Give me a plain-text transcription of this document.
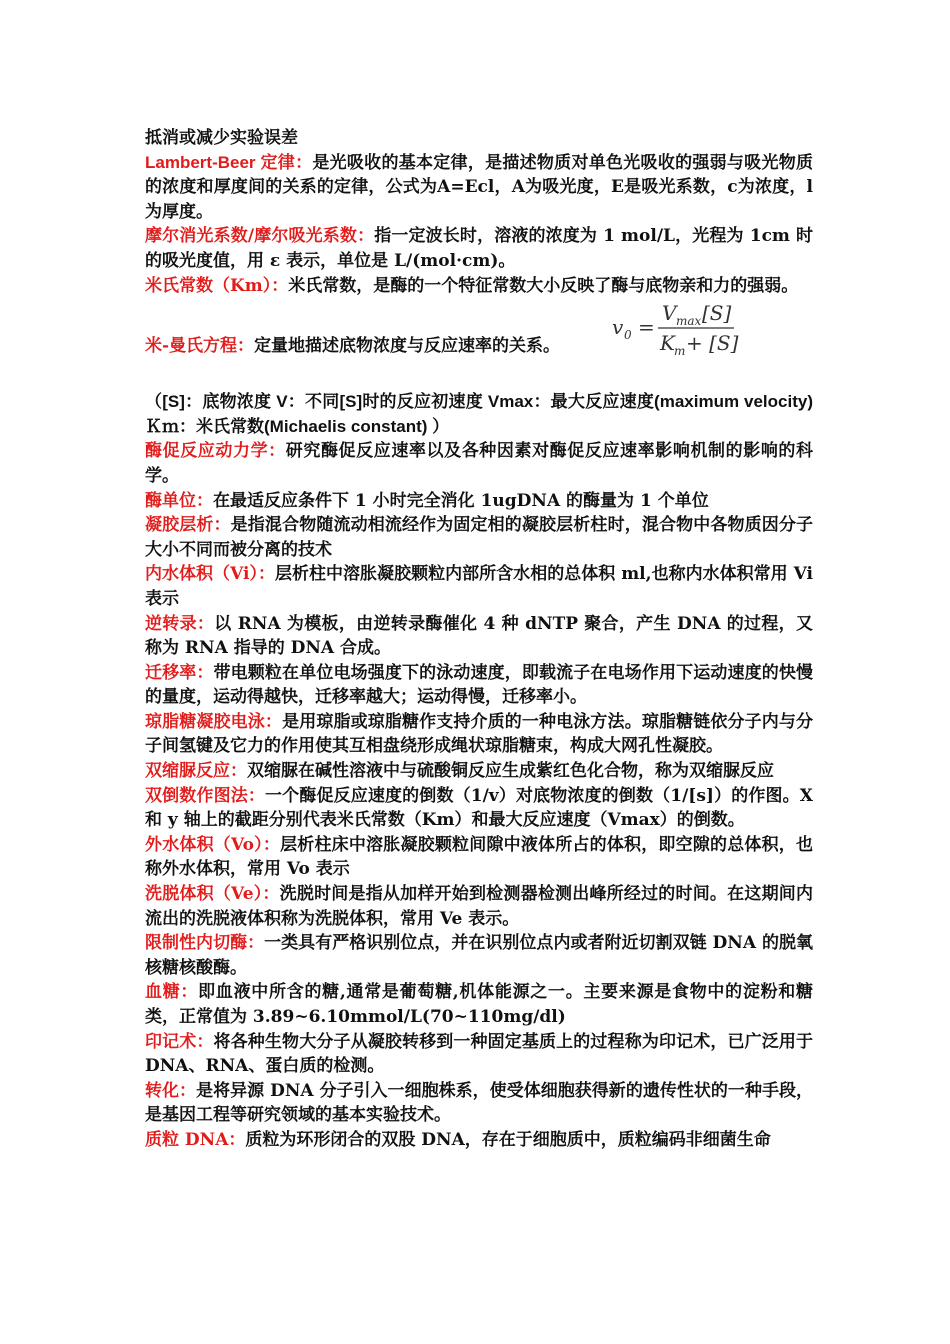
抵消或减少实验误差

Lambert-Beer 定律：是光吸收的基本定律，是描述物质对单色光吸收的强弱与吸光物质的浓度和厚度间的关系的定律，公式为A=Ecl，A为吸光度，E是吸光系数，c为浓度，l为厚度。

摩尔消光系数/摩尔吸光系数：指一定波长时，溶液的浓度为 1 mol/L，光程为 1cm 时的吸光度值，用 ε 表示，单位是 L/(mol·cm)。

米氏常数（Km）：米氏常数，是酶的一个特征常数大小反映了酶与底物亲和力的强弱。

米-曼氏方程：定量地描述底物浓度与反应速率的关系。

v 0 =
V max [S]
K m + [S]

（[S]：底物浓度 V：不同[S]时的反应初速度 Vmax：最大反应速度(maximum velocity) Ｋｍ：米氏常数(Michaelis constant) ）

酶促反应动力学：研究酶促反应速率以及各种因素对酶促反应速率影响机制的影响的科学。

酶单位：在最适反应条件下 1 小时完全消化 1ugDNA 的酶量为 1 个单位

凝胶层析：是指混合物随流动相流经作为固定相的凝胶层析柱时，混合物中各物质因分子大小不同而被分离的技术

内水体积（Vi）：层析柱中溶胀凝胶颗粒内部所含水相的总体积 ml,也称内水体积常用 Vi 表示

逆转录：以 RNA 为模板，由逆转录酶催化 4 种 dNTP 聚合，产生 DNA 的过程，又称为 RNA 指导的 DNA 合成。

迁移率：带电颗粒在单位电场强度下的泳动速度，即载流子在电场作用下运动速度的快慢的量度，运动得越快，迁移率越大；运动得慢，迁移率小。

琼脂糖凝胶电泳：是用琼脂或琼脂糖作支持介质的一种电泳方法。琼脂糖链依分子内与分子间氢键及它力的作用使其互相盘绕形成绳状琼脂糖束，构成大网孔性凝胶。

双缩脲反应：双缩脲在碱性溶液中与硫酸铜反应生成紫红色化合物，称为双缩脲反应

双倒数作图法：一个酶促反应速度的倒数（1/v）对底物浓度的倒数（1/[s]）的作图。X 和 y 轴上的截距分别代表米氏常数（Km）和最大反应速度（Vmax）的倒数。

外水体积（Vo）：层析柱床中溶胀凝胶颗粒间隙中液体所占的体积，即空隙的总体积，也称外水体积，常用 Vo 表示

洗脱体积（Ve）：洗脱时间是指从加样开始到检测器检测出峰所经过的时间。在这期间内流出的洗脱液体积称为洗脱体积，常用 Ve 表示。

限制性内切酶：一类具有严格识别位点，并在识别位点内或者附近切割双链 DNA 的脱氧核糖核酸酶。

血糖：即血液中所含的糖,通常是葡萄糖,机体能源之一。主要来源是食物中的淀粉和糖类，正常值为 3.89~6.10mmol/L(70~110mg/dl)

印记术：将各种生物大分子从凝胶转移到一种固定基质上的过程称为印记术，已广泛用于 DNA、RNA、蛋白质的检测。

转化：是将异源 DNA 分子引入一细胞株系，使受体细胞获得新的遗传性状的一种手段，是基因工程等研究领域的基本实验技术。

质粒 DNA：质粒为环形闭合的双股 DNA，存在于细胞质中，质粒编码非细菌生命
